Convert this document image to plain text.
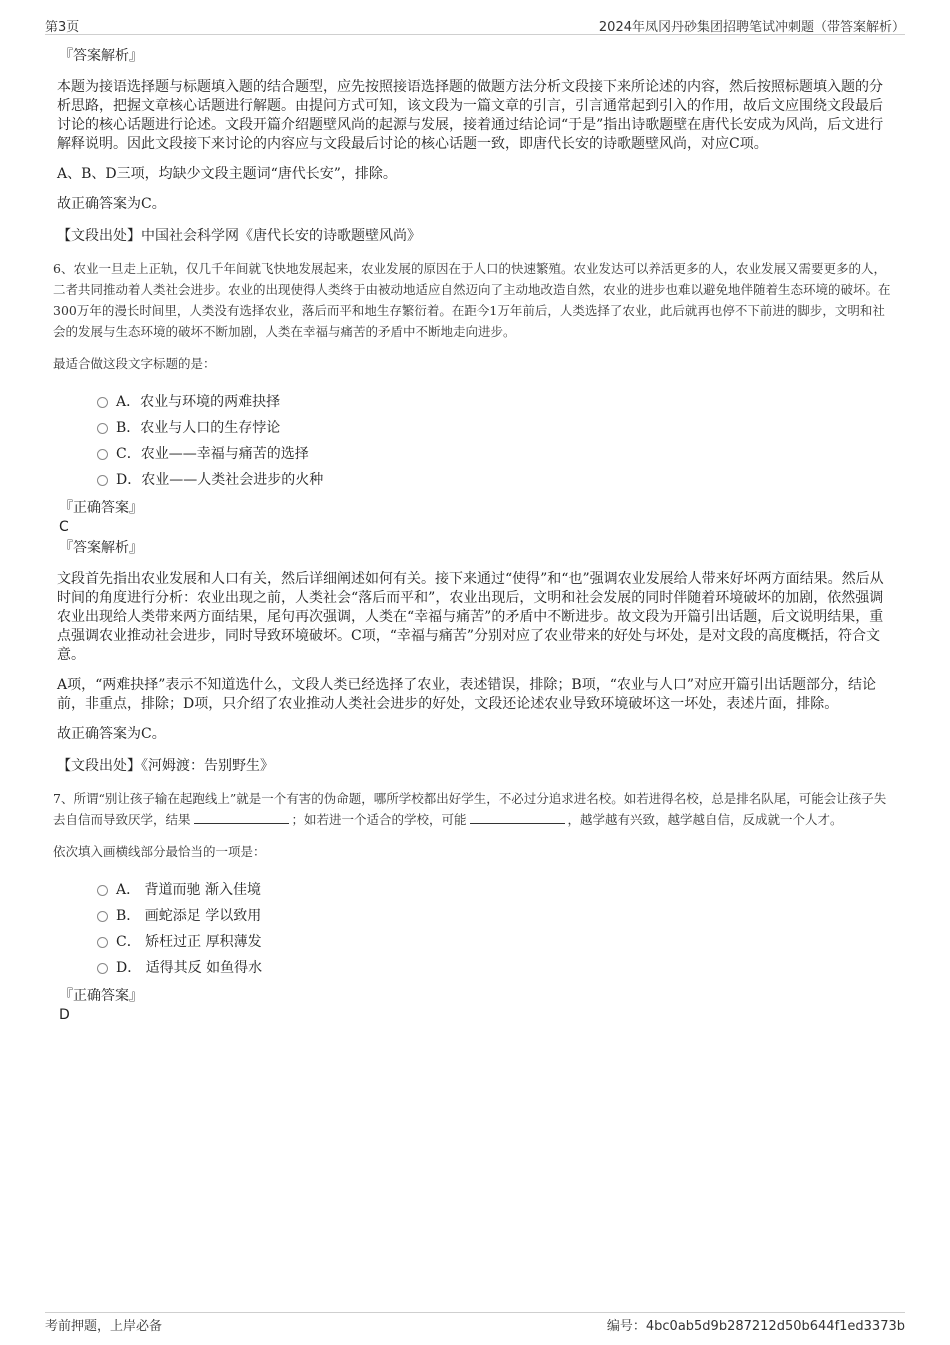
第3页	2024年凤冈丹砂集团招聘笔试冲刺题（带答案解析）
『答案解析』

本题为接语选择题与标题填入题的结合题型，应先按照接语选择题的做题方法分析文段接下来所论述的内容，然后按照标题填入题的分析思路，把握文章核心话题进行解题。由提问方式可知，该文段为一篇文章的引言，引言通常起到引入的作用，故后文应围绕文段最后讨论的核心话题进行论述。文段开篇介绍题壁风尚的起源与发展，接着通过结论词“于是”指出诗歌题壁在唐代长安成为风尚，后文进行解释说明。因此文段接下来讨论的内容应与文段最后讨论的核心话题一致，即唐代长安的诗歌题壁风尚，对应C项。

A、B、D三项，均缺少文段主题词“唐代长安”，排除。

故正确答案为C。

【文段出处】中国社会科学网《唐代长安的诗歌题壁风尚》

6、农业一旦走上正轨，仅几千年间就飞快地发展起来，农业发展的原因在于人口的快速繁殖。农业发达可以养活更多的人，农业发展又需要更多的人，二者共同推动着人类社会进步。农业的出现使得人类终于由被动地适应自然迈向了主动地改造自然，农业的进步也难以避免地伴随着生态环境的破坏。在300万年的漫长时间里，人类没有选择农业，落后而平和地生存繁衍着。在距今1万年前后，人类选择了农业，此后就再也停不下前进的脚步，文明和社会的发展与生态环境的破坏不断加剧，人类在幸福与痛苦的矛盾中不断地走向进步。

最适合做这段文字标题的是：
A．农业与环境的两难抉择
B．农业与人口的生存悖论
C．农业——幸福与痛苦的选择
D．农业——人类社会进步的火种
『正确答案』
C
『答案解析』

文段首先指出农业发展和人口有关，然后详细阐述如何有关。接下来通过“使得”和“也”强调农业发展给人带来好坏两方面结果。然后从时间的角度进行分析：农业出现之前，人类社会“落后而平和”，农业出现后，文明和社会发展的同时伴随着环境破坏的加剧，依然强调农业出现给人类带来两方面结果，尾句再次强调，人类在“幸福与痛苦”的矛盾中不断进步。故文段为开篇引出话题，后文说明结果，重点强调农业推动社会进步，同时导致环境破坏。C项，“幸福与痛苦”分别对应了农业带来的好处与坏处，是对文段的高度概括，符合文意。

A项，“两难抉择”表示不知道选什么，文段人类已经选择了农业，表述错误，排除；B项，“农业与人口”对应开篇引出话题部分，结论前，非重点，排除；D项，只介绍了农业推动人类社会进步的好处，文段还论述农业导致环境破坏这一坏处，表述片面，排除。

故正确答案为C。

【文段出处】《河姆渡：告别野生》

7、所谓“别让孩子输在起跑线上”就是一个有害的伪命题，哪所学校都出好学生，不必过分追求进名校。如若进得名校，总是排名队尾，可能会让孩子失去自信而导致厌学，结果	；如若进一个适合的学校，可能	，越学越有兴致，越学越自信，反成就一个人才。

依次填入画横线部分最恰当的一项是：
A． 背道而驰 渐入佳境
B． 画蛇添足 学以致用
C． 矫枉过正 厚积薄发
D． 适得其反 如鱼得水
『正确答案』
D
考前押题，上岸必备	编号：4bc0ab5d9b287212d50b644f1ed3373b
